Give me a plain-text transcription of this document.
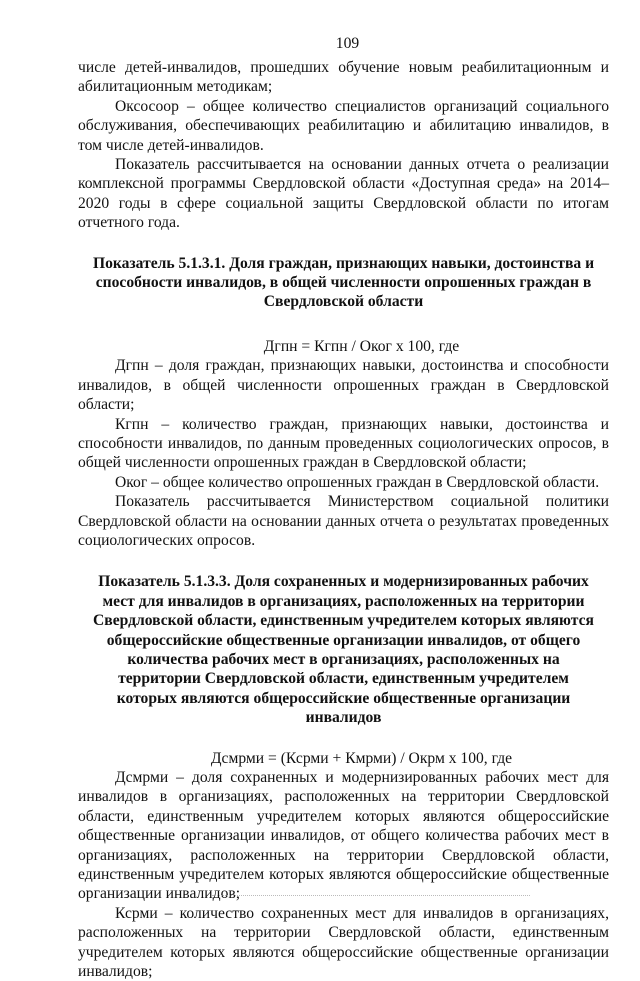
109

числе детей-инвалидов, прошедших обучение новым реабилитационным и абилитационным методикам;

Оксосоор – общее количество специалистов организаций социального обслуживания, обеспечивающих реабилитацию и абилитацию инвалидов, в том числе детей-инвалидов.

Показатель рассчитывается на основании данных отчета о реализации комплексной программы Свердловской области «Доступная среда» на 2014–2020 годы в сфере социальной защиты Свердловской области по итогам отчетного года.

Показатель 5.1.3.1. Доля граждан, признающих навыки, достоинства и способности инвалидов, в общей численности опрошенных граждан в Свердловской области

Дгпн = Кгпн / Оког х 100, где

Дгпн – доля граждан, признающих навыки, достоинства и способности инвалидов, в общей численности опрошенных граждан в Свердловской области;

Кгпн – количество граждан, признающих навыки, достоинства и способности инвалидов, по данным проведенных социологических опросов, в общей численности опрошенных граждан в Свердловской области;

Оког – общее количество опрошенных граждан в Свердловской области.

Показатель рассчитывается Министерством социальной политики Свердловской области на основании данных отчета о результатах проведенных социологических опросов.

Показатель 5.1.3.3. Доля сохраненных и модернизированных рабочих мест для инвалидов в организациях, расположенных на территории Свердловской области, единственным учредителем которых являются общероссийские общественные организации инвалидов, от общего количества рабочих мест в организациях, расположенных на территории Свердловской области, единственным учредителем которых являются общероссийские общественные организации инвалидов

Дсмрми = (Ксрми + Кмрми) / Окрм х 100, где

Дсмрми – доля сохраненных и модернизированных рабочих мест для инвалидов в организациях, расположенных на территории Свердловской области, единственным учредителем которых являются общероссийские общественные организации инвалидов, от общего количества рабочих мест в организациях, расположенных на территории Свердловской области, единственным учредителем которых являются общероссийские общественные организации инвалидов;

Ксрми – количество сохраненных мест для инвалидов в организациях, расположенных на территории Свердловской области, единственным учредителем которых являются общероссийские общественные организации инвалидов;
